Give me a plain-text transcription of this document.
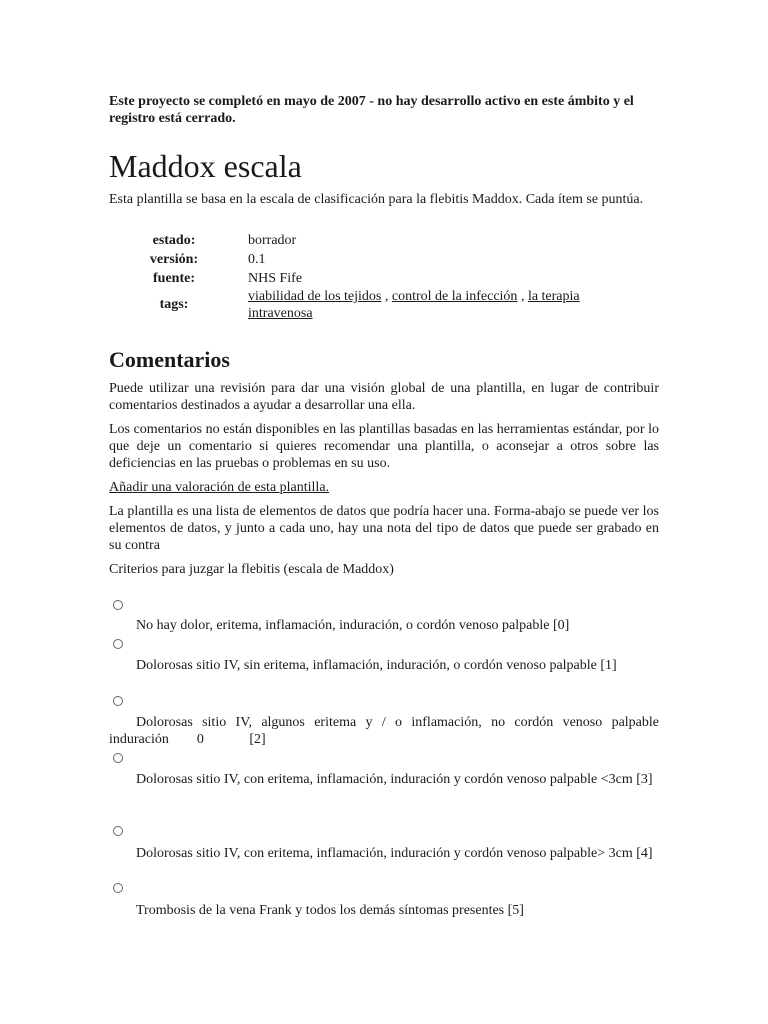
Este proyecto se completó en mayo de 2007 - no hay desarrollo activo en este ámbito y el registro está cerrado.
Maddox escala
Esta plantilla se basa en la escala de clasificación para la flebitis Maddox. Cada ítem se puntúa.
estado:	borrador
versión:	0.1
fuente:	NHS Fife
tags:	viabilidad de los tejidos , control de la infección , la terapia intravenosa
Comentarios
Puede utilizar una revisión para dar una visión global de una plantilla, en lugar de contribuir comentarios destinados a ayudar a desarrollar una ella.
Los comentarios no están disponibles en las plantillas basadas en las herramientas estándar, por lo que deje un comentario si quieres recomendar una plantilla, o aconsejar a otros sobre las deficiencias en las pruebas o problemas en su uso.
Añadir una valoración de esta plantilla.
La plantilla es una lista de elementos de datos que podría hacer una. Forma-abajo se puede ver los elementos de datos, y junto a cada uno, hay una nota del tipo de datos que puede ser grabado en su contra
Criterios para juzgar la flebitis (escala de Maddox)
No hay dolor, eritema, inflamación, induración, o cordón venoso palpable [0]
Dolorosas sitio IV, sin eritema, inflamación, induración, o cordón venoso palpable [1]
Dolorosas sitio IV, algunos eritema y / o inflamación, no cordón venoso palpable induración        0             [2]
Dolorosas sitio IV, con eritema, inflamación, induración y cordón venoso palpable <3cm [3]
Dolorosas sitio IV, con eritema, inflamación, induración y cordón venoso palpable> 3cm [4]
Trombosis de la vena Frank y todos los demás síntomas presentes [5]
